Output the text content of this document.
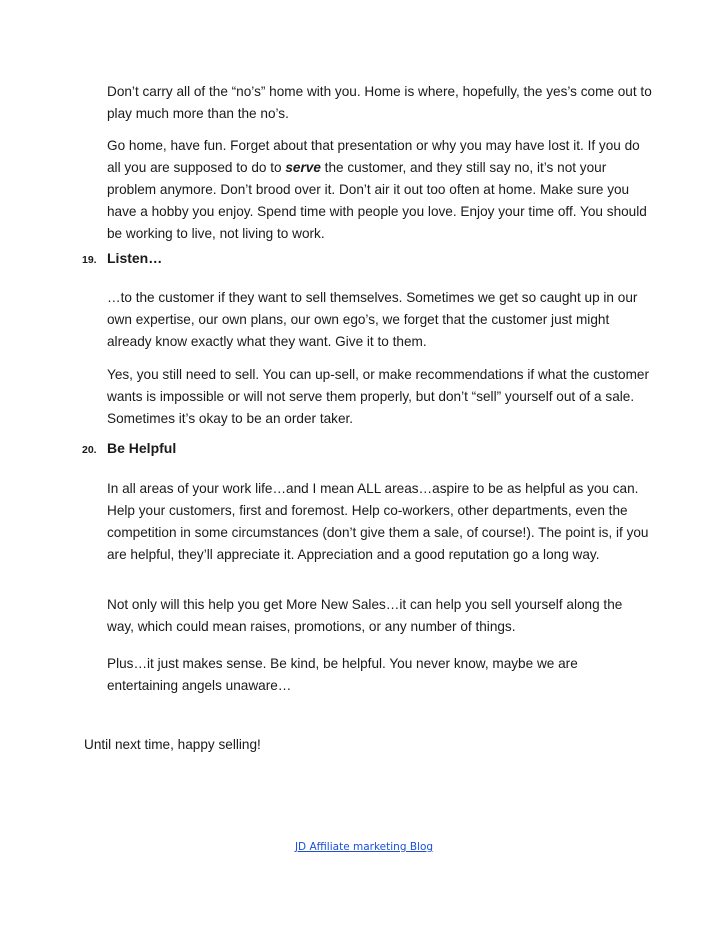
Don’t carry all of the “no’s” home with you. Home is where, hopefully, the yes’s come out to play much more than the no’s.

Go home, have fun. Forget about that presentation or why you may have lost it. If you do all you are supposed to do to serve the customer, and they still say no, it’s not your problem anymore. Don’t brood over it. Don’t air it out too often at home. Make sure you have a hobby you enjoy. Spend time with people you love. Enjoy your time off. You should be working to live, not living to work.

19. Listen…

…to the customer if they want to sell themselves. Sometimes we get so caught up in our own expertise, our own plans, our own ego’s, we forget that the customer just might already know exactly what they want. Give it to them.

Yes, you still need to sell. You can up-sell, or make recommendations if what the customer wants is impossible or will not serve them properly, but don’t “sell” yourself out of a sale. Sometimes it’s okay to be an order taker.

20. Be Helpful

In all areas of your work life…and I mean ALL areas…aspire to be as helpful as you can. Help your customers, first and foremost. Help co-workers, other departments, even the competition in some circumstances (don’t give them a sale, of course!). The point is, if you are helpful, they’ll appreciate it. Appreciation and a good reputation go a long way.

Not only will this help you get More New Sales…it can help you sell yourself along the way, which could mean raises, promotions, or any number of things.

Plus…it just makes sense. Be kind, be helpful. You never know, maybe we are entertaining angels unaware…

Until next time, happy selling!

JD Affiliate marketing Blog
